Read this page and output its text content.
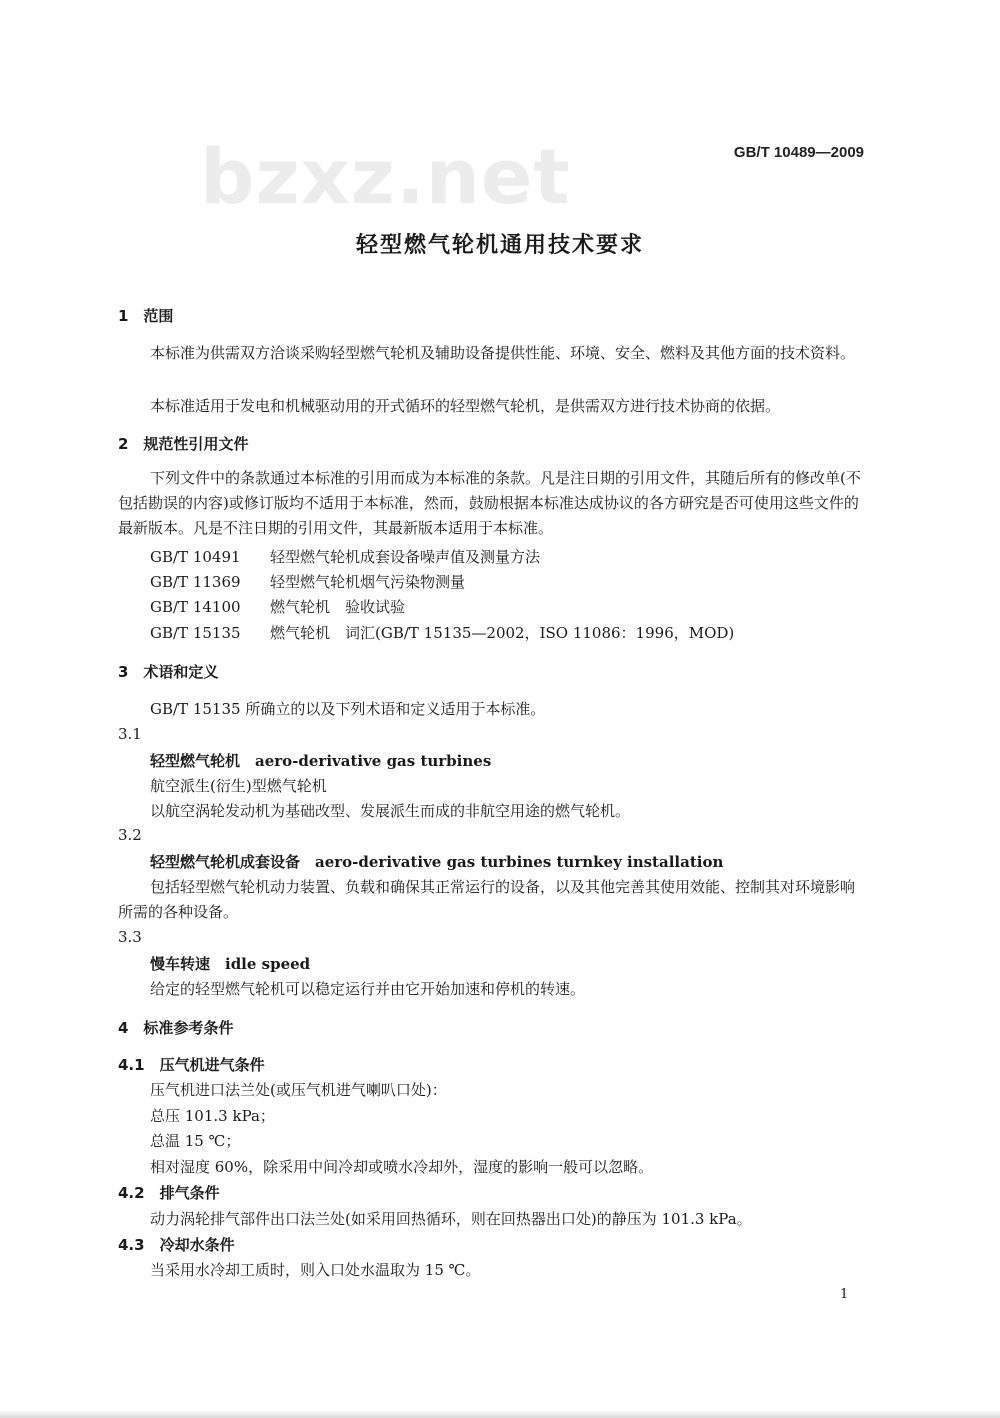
bzxz.net	GB/T 10489—2009
轻型燃气轮机通用技术要求
1　范围
本标准为供需双方洽谈采购轻型燃气轮机及辅助设备提供性能、环境、安全、燃料及其他方面的技术资料。
本标准适用于发电和机械驱动用的开式循环的轻型燃气轮机，是供需双方进行技术协商的依据。
2　规范性引用文件
下列文件中的条款通过本标准的引用而成为本标准的条款。凡是注日期的引用文件，其随后所有的修改单(不包括勘误的内容)或修订版均不适用于本标准，然而，鼓励根据本标准达成协议的各方研究是否可使用这些文件的最新版本。凡是不注日期的引用文件，其最新版本适用于本标准。
GB/T 10491 轻型燃气轮机成套设备噪声值及测量方法
GB/T 11369 轻型燃气轮机烟气污染物测量
GB/T 14100 燃气轮机　验收试验
GB/T 15135 燃气轮机　词汇(GB/T 15135—2002，ISO 11086：1996，MOD)
3　术语和定义
GB/T 15135 所确立的以及下列术语和定义适用于本标准。
3.1
轻型燃气轮机　aero-derivative gas turbines
航空派生(衍生)型燃气轮机
以航空涡轮发动机为基础改型、发展派生而成的非航空用途的燃气轮机。
3.2
轻型燃气轮机成套设备　aero-derivative gas turbines turnkey installation
包括轻型燃气轮机动力装置、负载和确保其正常运行的设备，以及其他完善其使用效能、控制其对环境影响所需的各种设备。
3.3
慢车转速　idle speed
给定的轻型燃气轮机可以稳定运行并由它开始加速和停机的转速。
4　标准参考条件
4.1　压气机进气条件
压气机进口法兰处(或压气机进气喇叭口处)：
总压 101.3 kPa；
总温 15 ℃；
相对湿度 60%，除采用中间冷却或喷水冷却外，湿度的影响一般可以忽略。
4.2　排气条件
动力涡轮排气部件出口法兰处(如采用回热循环，则在回热器出口处)的静压为 101.3 kPa。
4.3　冷却水条件
当采用水冷却工质时，则入口处水温取为 15 ℃。
1
